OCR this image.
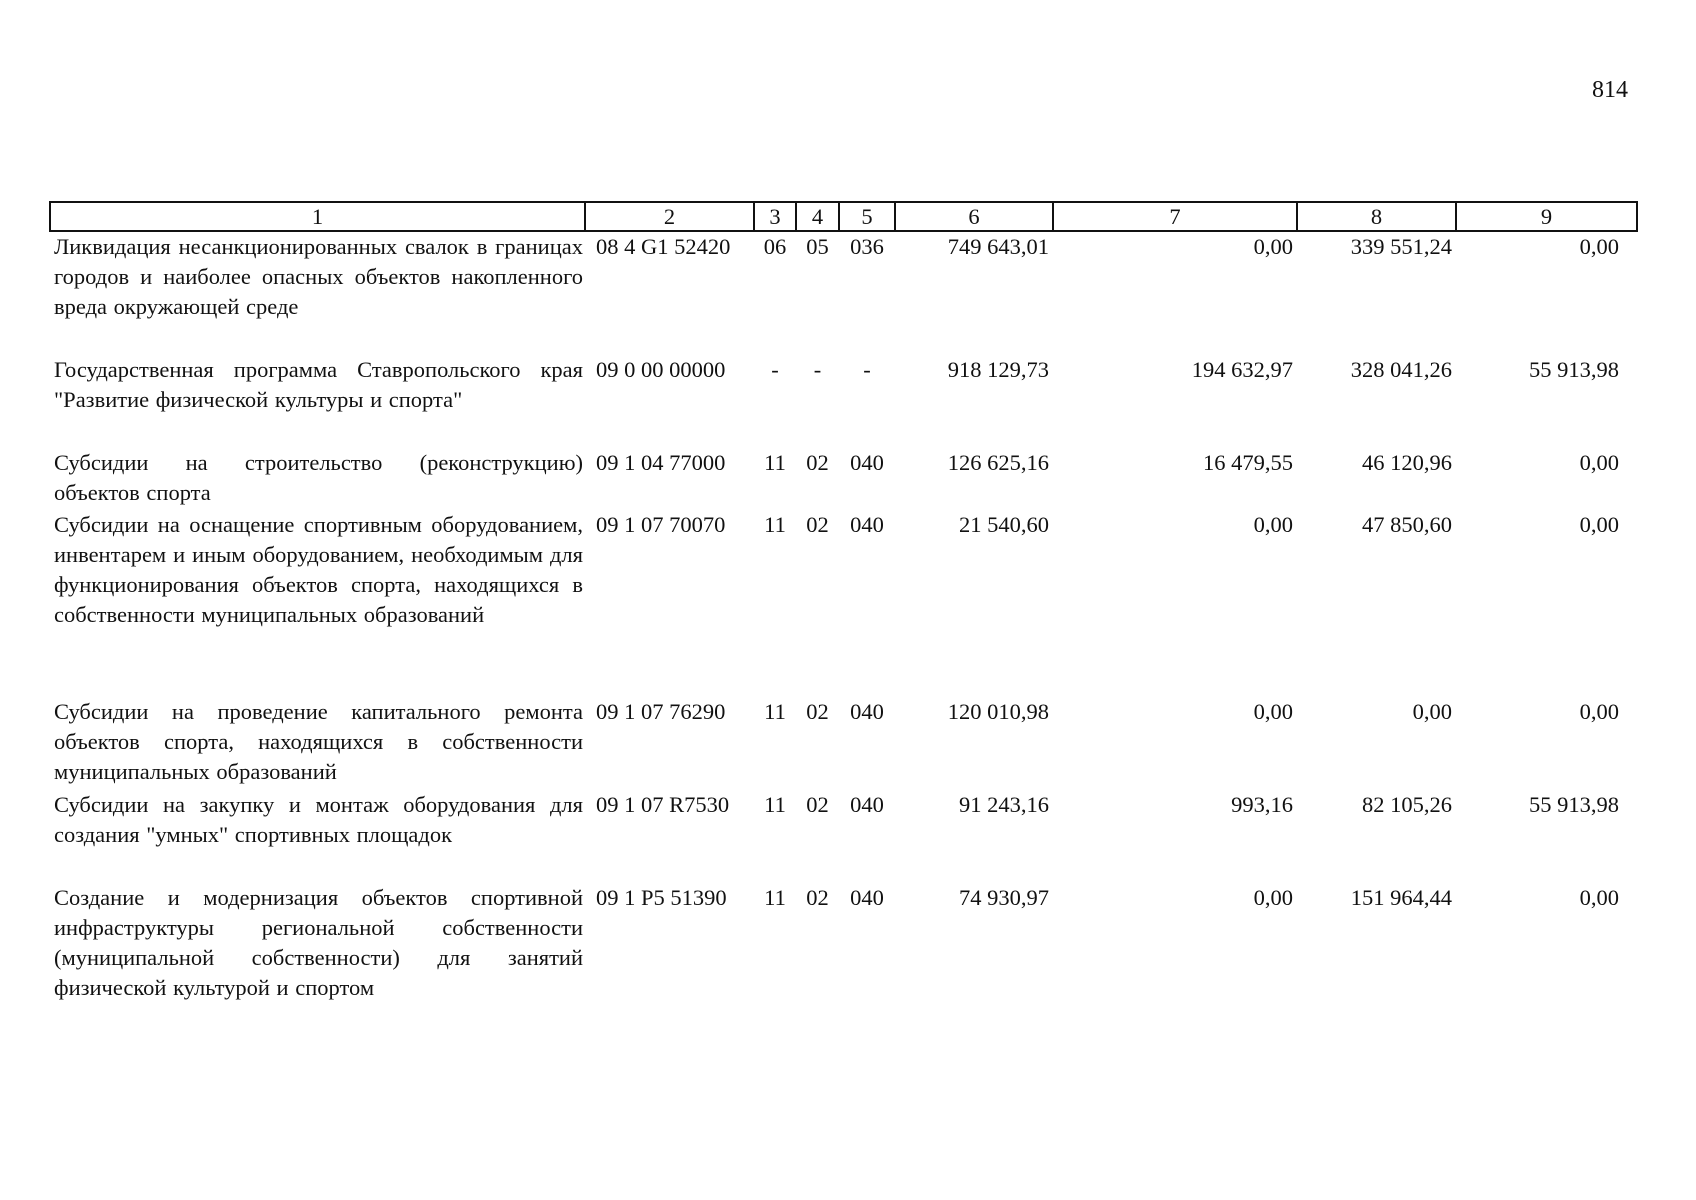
814
1	2	3	4	5	6	7	8	9
Ликвидация несанкционированных свалок в границах городов и наиболее опасных объектов накопленного вреда окружающей среде	08 4 G1 52420	06	05	036	749 643,01	0,00	339 551,24	0,00
Государственная программа Ставропольского края "Развитие физической культуры и спорта"	09 0 00 00000	-	-	-	918 129,73	194 632,97	328 041,26	55 913,98
Субсидии на строительство (реконструкцию) объектов спорта	09 1 04 77000	11	02	040	126 625,16	16 479,55	46 120,96	0,00
Субсидии на оснащение спортивным оборудованием, инвентарем и иным оборудованием, необходимым для функционирования объектов спорта, находящихся в собственности муниципальных образований	09 1 07 70070	11	02	040	21 540,60	0,00	47 850,60	0,00
Субсидии на проведение капитального ремонта объектов спорта, находящихся в собственности муниципальных образований	09 1 07 76290	11	02	040	120 010,98	0,00	0,00	0,00
Субсидии на закупку и монтаж оборудования для создания "умных" спортивных площадок	09 1 07 R7530	11	02	040	91 243,16	993,16	82 105,26	55 913,98
Создание и модернизация объектов спортивной инфраструктуры региональной собственности (муниципальной собственности) для занятий физической культурой и спортом	09 1 P5 51390	11	02	040	74 930,97	0,00	151 964,44	0,00
